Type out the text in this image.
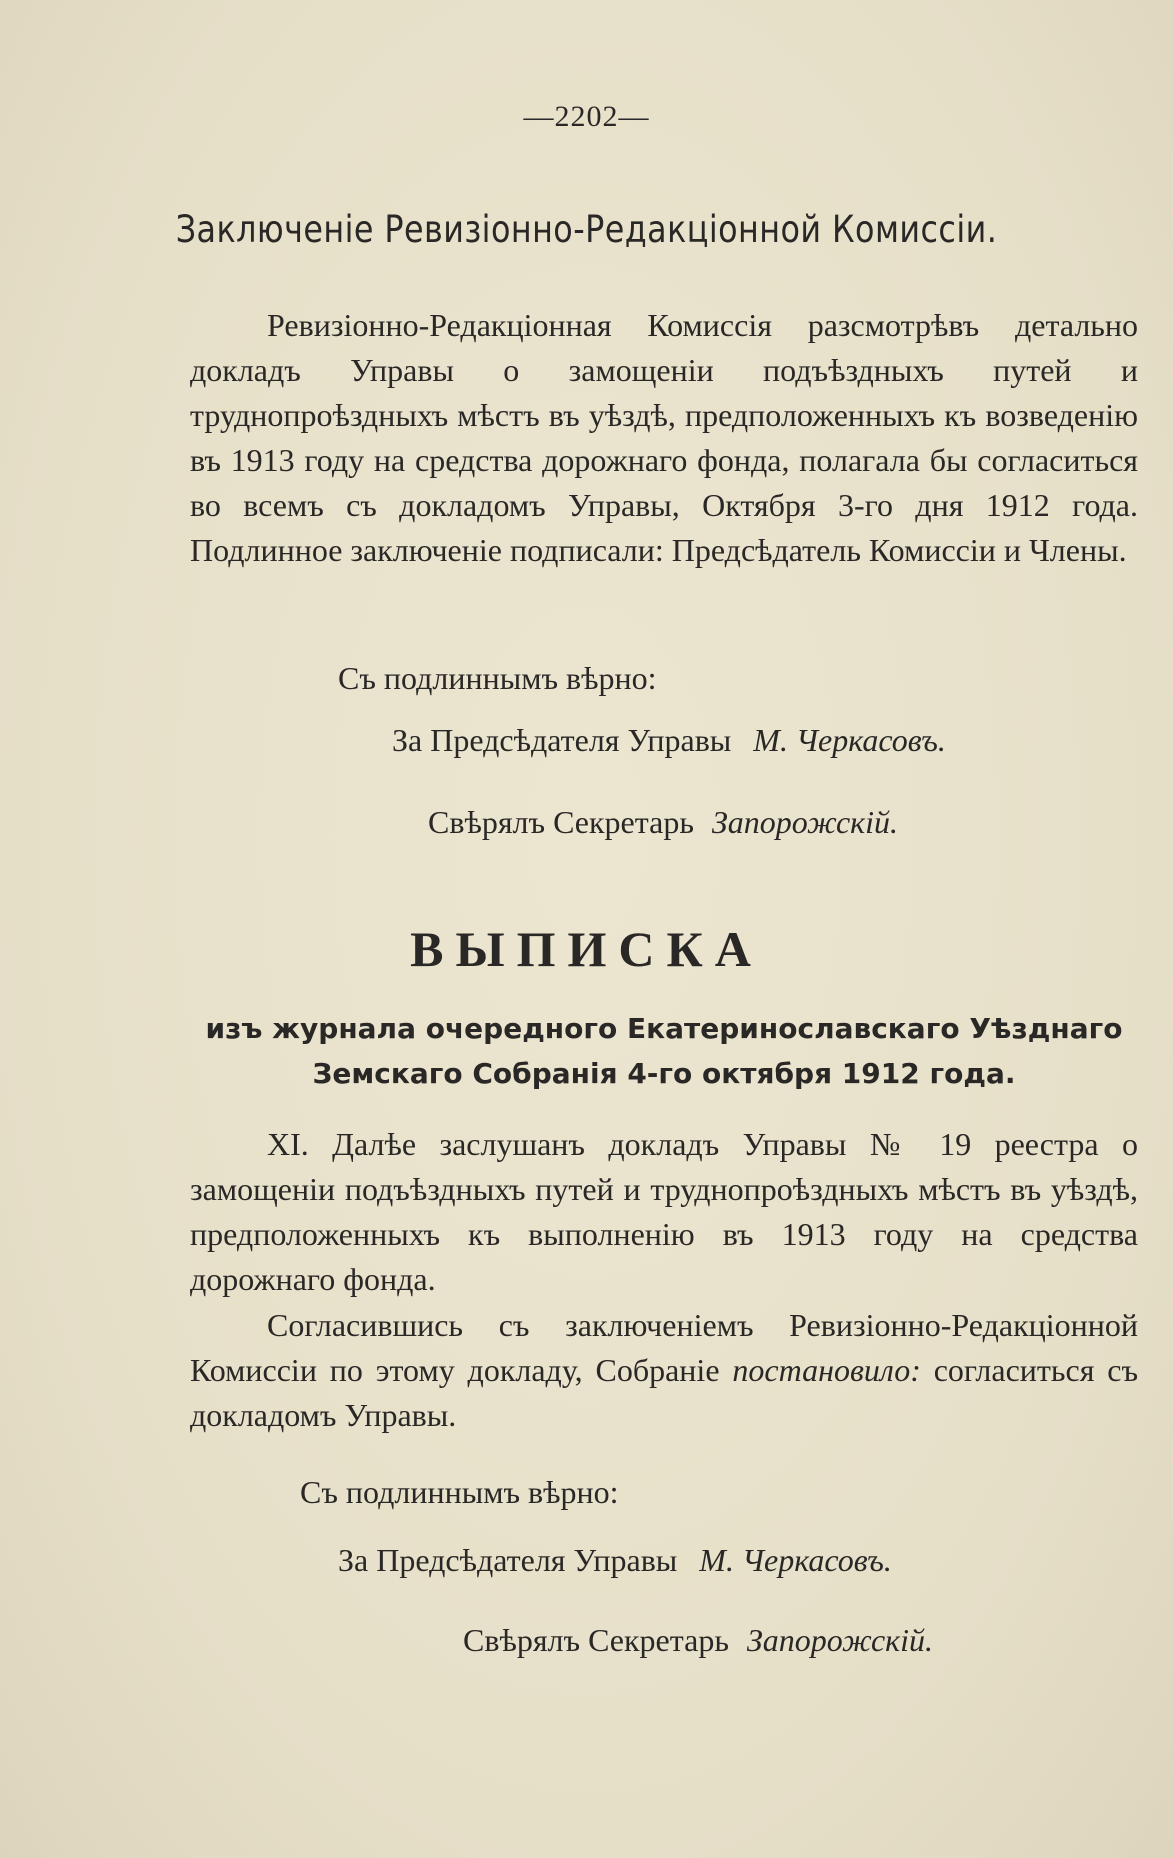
—2202—
Заключеніе Ревизіонно-Редакціонной Комиссіи.

Ревизіонно-Редакціонная Комиссія разсмотрѣвъ детально докладъ Управы о замощеніи подъѣздныхъ путей и труднопроѣздныхъ мѣстъ въ уѣздѣ, предположенныхъ къ возведенію въ 1913 году на средства дорожнаго фонда, полагала бы согласиться во всемъ съ докладомъ Управы, Октября 3-го дня 1912 года. Подлинное заключеніе подписали: Предсѣдатель Комиссіи и Члены.

Съ подлиннымъ вѣрно:
За Предсѣдателя Управы М. Черкасовъ.
Свѣрялъ Секретарь Запорожскій.
ВЫПИСКА
изъ журнала очередного Екатеринославскаго Уѣзднаго
Земскаго Собранія 4-го октября 1912 года.

XI. Далѣе заслушанъ докладъ Управы № 19 реестра о замощеніи подъѣздныхъ путей и труднопроѣздныхъ мѣстъ въ уѣздѣ, предположенныхъ къ выполненію въ 1913 году на средства дорожнаго фонда.

Согласившись съ заключеніемъ Ревизіонно-Редакціонной Комиссіи по этому докладу, Собраніе постановило: согласиться съ докладомъ Управы.

Съ подлиннымъ вѣрно:
За Предсѣдателя Управы М. Черкасовъ.
Свѣрялъ Секретарь Запорожскій.
